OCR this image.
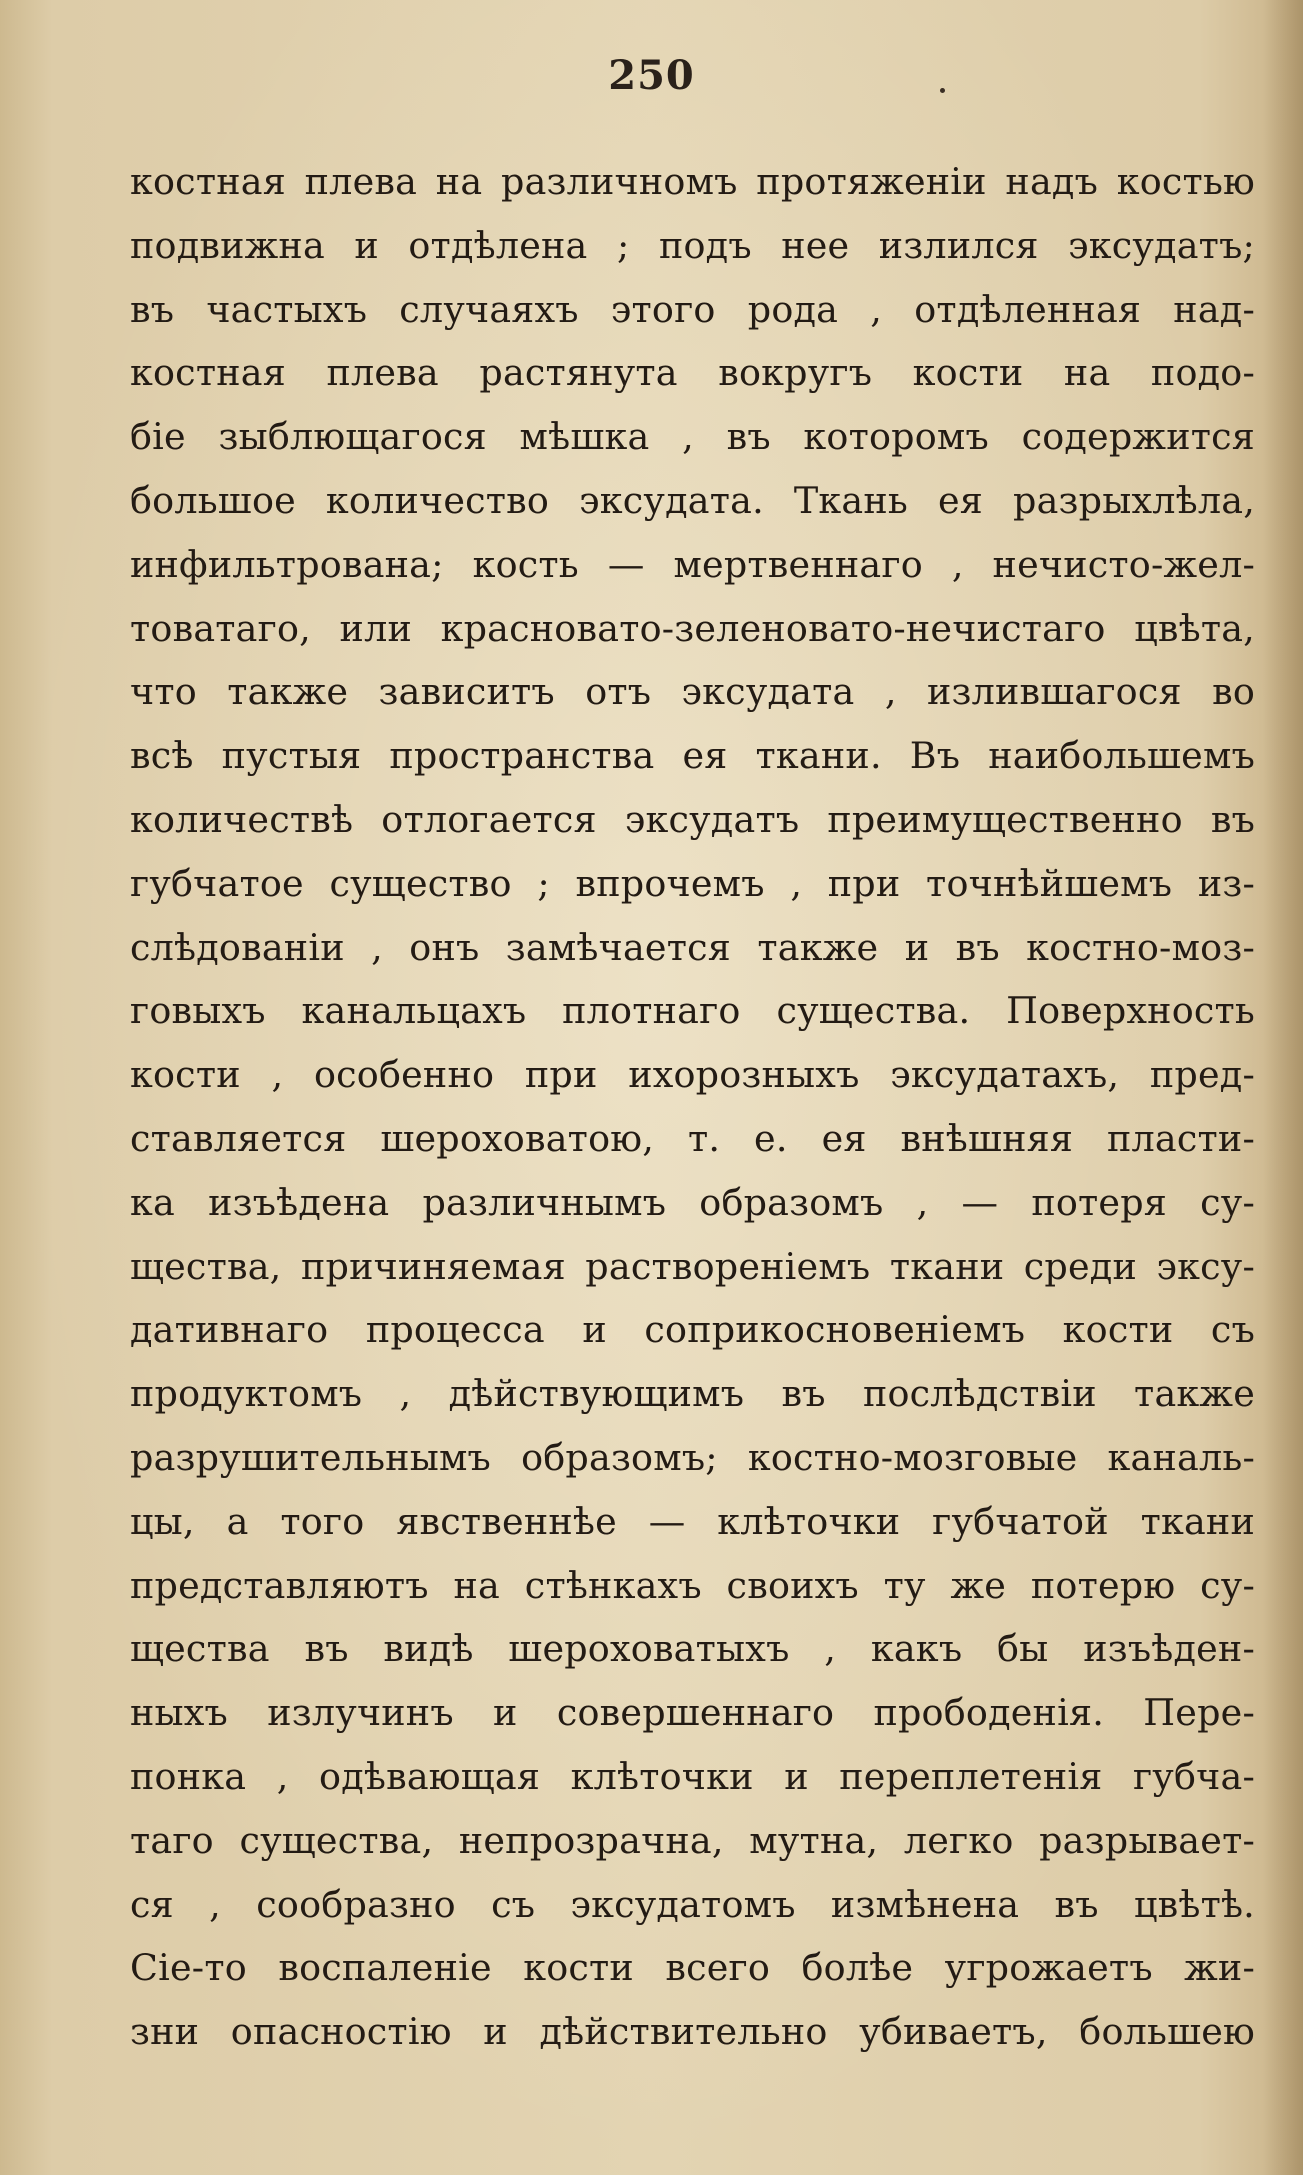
250
костная плева на различномъ протяженіи надъ костью
подвижна и отдѣлена ; подъ нее излился эксудатъ;
въ частыхъ случаяхъ этого рода , отдѣленная над-
костная плева растянута вокругъ кости на подо-
біе зыблющагося мѣшка , въ которомъ содержится
большое количество эксудата. Ткань ея разрыхлѣла,
инфильтрована; кость — мертвеннаго , нечисто-жел-
товатаго, или красновато-зеленовато-нечистаго цвѣта,
что также зависитъ отъ эксудата , излившагося во
всѣ пустыя пространства ея ткани. Въ наибольшемъ
количествѣ отлогается эксудатъ преимущественно въ
губчатое существо ; впрочемъ , при точнѣйшемъ из-
слѣдованіи , онъ замѣчается также и въ костно-моз-
говыхъ канальцахъ плотнаго существа. Поверхность
кости , особенно при ихорозныхъ эксудатахъ, пред-
ставляется шероховатою, т. е. ея внѣшняя пласти-
ка изъѣдена различнымъ образомъ , — потеря су-
щества, причиняемая раствореніемъ ткани среди эксу-
дативнаго процесса и соприкосновеніемъ кости съ
продуктомъ , дѣйствующимъ въ послѣдствіи также
разрушительнымъ образомъ; костно-мозговые каналь-
цы, а того явственнѣе — клѣточки губчатой ткани
представляютъ на стѣнкахъ своихъ ту же потерю су-
щества въ видѣ шероховатыхъ , какъ бы изъѣден-
ныхъ излучинъ и совершеннаго прободенія. Пере-
понка , одѣвающая клѣточки и переплетенія губча-
таго существа, непрозрачна, мутна, легко разрывает-
ся , сообразно съ эксудатомъ измѣнена въ цвѣтѣ.
Сіе-то воспаленіе кости всего болѣе угрожаетъ жи-
зни опасностію и дѣйствительно убиваетъ, большею
